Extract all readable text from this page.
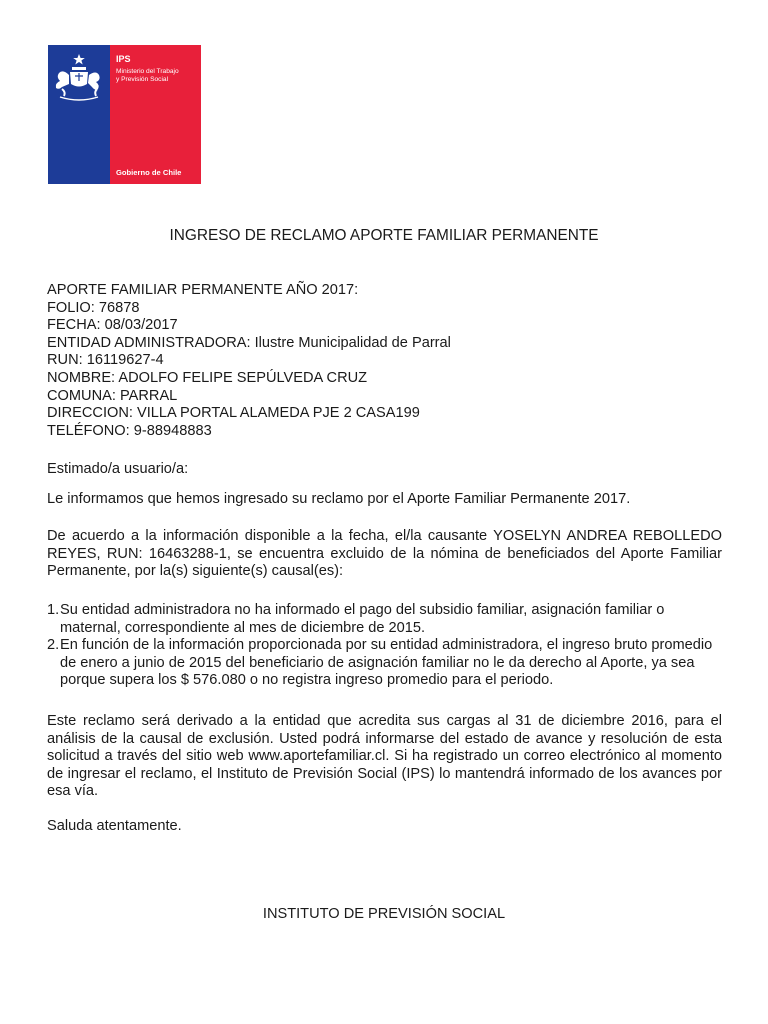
IPS
Ministerio del Trabajo
y Previsión Social
Gobierno de Chile
INGRESO DE RECLAMO APORTE FAMILIAR PERMANENTE

APORTE FAMILIAR PERMANENTE AÑO 2017:

FOLIO: 76878

FECHA: 08/03/2017

ENTIDAD ADMINISTRADORA: Ilustre Municipalidad de Parral

RUN: 16119627-4

NOMBRE: ADOLFO FELIPE SEPÚLVEDA CRUZ

COMUNA: PARRAL

DIRECCION: VILLA PORTAL ALAMEDA PJE 2 CASA199

TELÉFONO: 9-88948883

Estimado/a usuario/a:
Le informamos que hemos ingresado su reclamo por el Aporte Familiar Permanente 2017.
De acuerdo a la información disponible a la fecha, el/la causante YOSELYN ANDREA REBOLLEDO REYES, RUN: 16463288-1, se encuentra excluido de la nómina de beneficiados del Aporte Familiar Permanente, por la(s) siguiente(s) causal(es):
1. Su entidad administradora no ha informado el pago del subsidio familiar, asignación familiar o maternal, correspondiente al mes de diciembre de 2015.
2. En función de la información proporcionada por su entidad administradora, el ingreso bruto promedio de enero a junio de 2015 del beneficiario de asignación familiar no le da derecho al Aporte, ya sea porque supera los $ 576.080 o no registra ingreso promedio para el periodo.
Este reclamo será derivado a la entidad que acredita sus cargas al 31 de diciembre 2016, para el análisis de la causal de exclusión. Usted podrá informarse del estado de avance y resolución de esta solicitud a través del sitio web www.aportefamiliar.cl. Si ha registrado un correo electrónico al momento de ingresar el reclamo, el Instituto de Previsión Social (IPS) lo mantendrá informado de los avances por esa vía.
Saluda atentamente.
INSTITUTO DE PREVISIÓN SOCIAL
